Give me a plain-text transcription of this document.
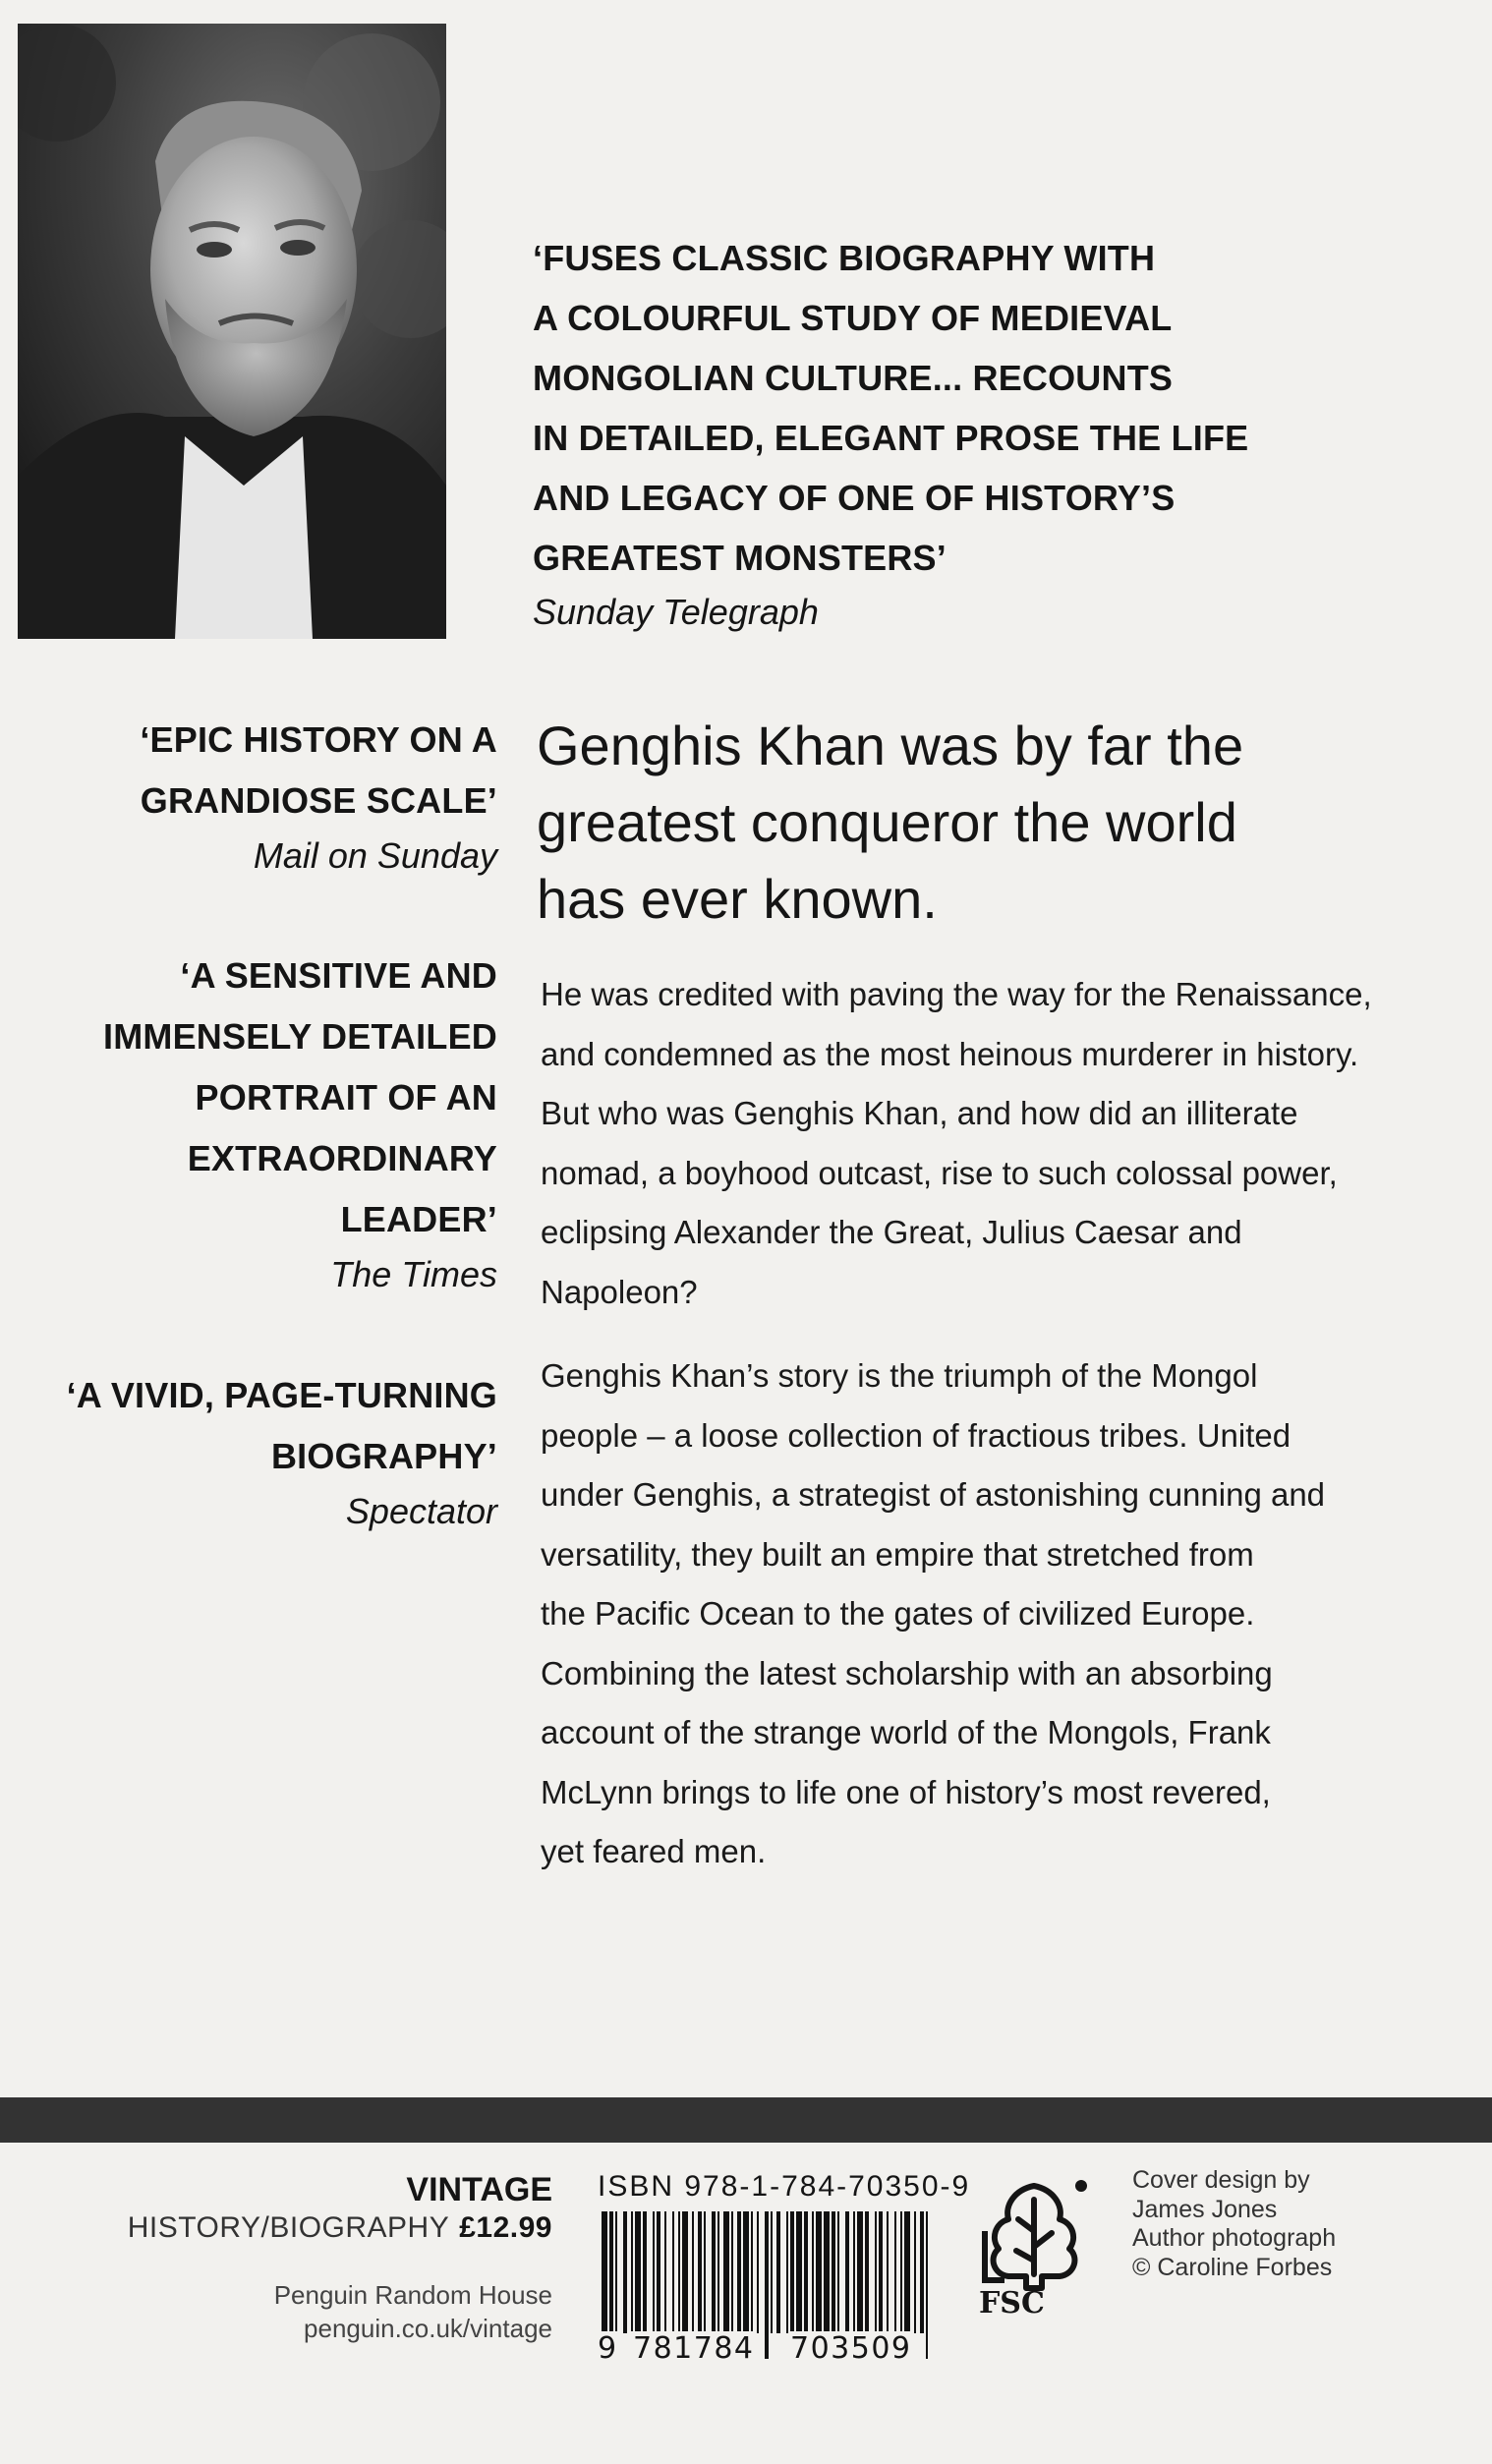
‘FUSES CLASSIC BIOGRAPHY WITH
A COLOURFUL STUDY OF MEDIEVAL
MONGOLIAN CULTURE... RECOUNTS
IN DETAILED, ELEGANT PROSE THE LIFE
AND LEGACY OF ONE OF HISTORY’S
GREATEST MONSTERS’

Sunday Telegraph

‘EPIC HISTORY ON A
GRANDIOSE SCALE’

Mail on Sunday

‘A SENSITIVE AND
IMMENSELY DETAILED
PORTRAIT OF AN
EXTRAORDINARY
LEADER’

The Times

‘A VIVID, PAGE-TURNING
BIOGRAPHY’

Spectator

Genghis Khan was by far the
greatest conqueror the world
has ever known.

He was credited with paving the way for the Renaissance,
and condemned as the most heinous murderer in history.
But who was Genghis Khan, and how did an illiterate
nomad, a boyhood outcast, rise to such colossal power,
eclipsing Alexander the Great, Julius Caesar and
Napoleon?

Genghis Khan’s story is the triumph of the Mongol
people – a loose collection of fractious tribes. United
under Genghis, a strategist of astonishing cunning and
versatility, they built an empire that stretched from
the Pacific Ocean to the gates of civilized Europe.
Combining the latest scholarship with an absorbing
account of the strange world of the Mongols, Frank
McLynn brings to life one of history’s most revered,
yet feared men.

VINTAGE

HISTORY/BIOGRAPHY £12.99

Penguin Random House

penguin.co.uk/vintage

ISBN 978-1-784-70350-9

9 781784 703509
FSC

Cover design by

James Jones

Author photograph

© Caroline Forbes
